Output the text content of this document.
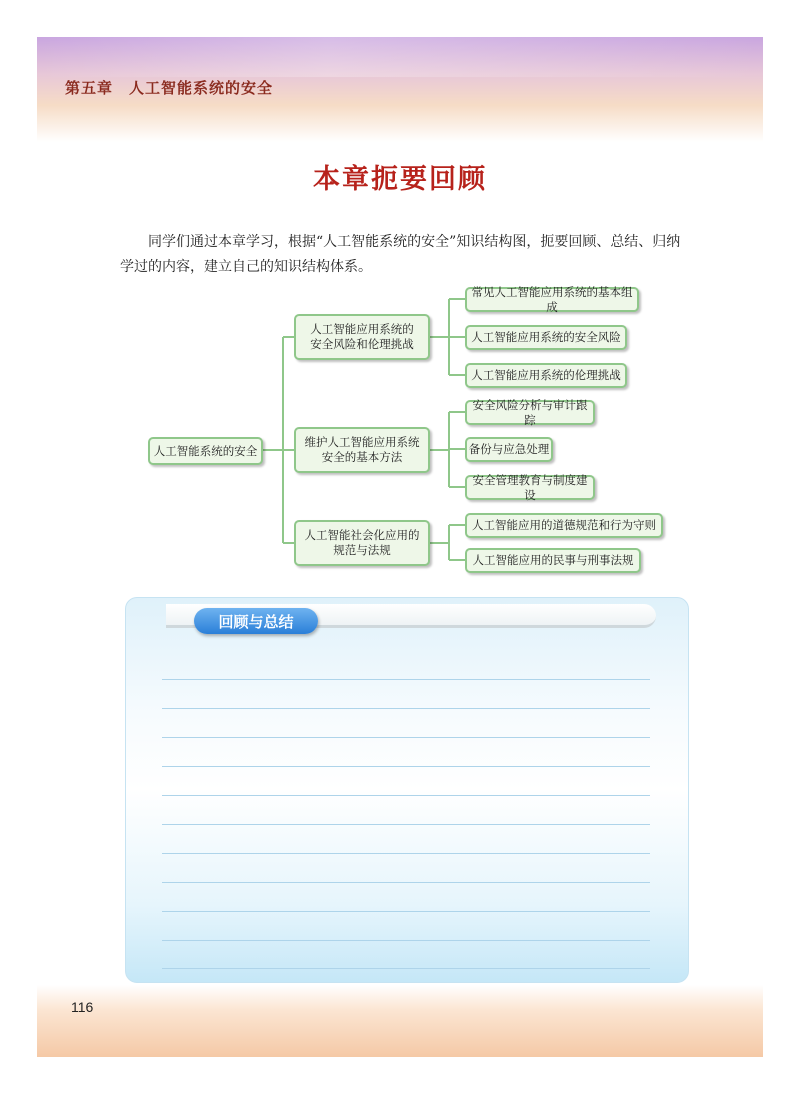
第五章　人工智能系统的安全
本章扼要回顾

同学们通过本章学习，根据“人工智能系统的安全”知识结构图，扼要回顾、总结、归纳学过的内容，建立自己的知识结构体系。

人工智能系统的安全
人工智能应用系统的
安全风险和伦理挑战
维护人工智能应用系统
安全的基本方法
人工智能社会化应用的
规范与法规
常见人工智能应用系统的基本组成
人工智能应用系统的安全风险
人工智能应用系统的伦理挑战
安全风险分析与审计跟踪
备份与应急处理
安全管理教育与制度建设
人工智能应用的道德规范和行为守则
人工智能应用的民事与刑事法规
回顾与总结
116
